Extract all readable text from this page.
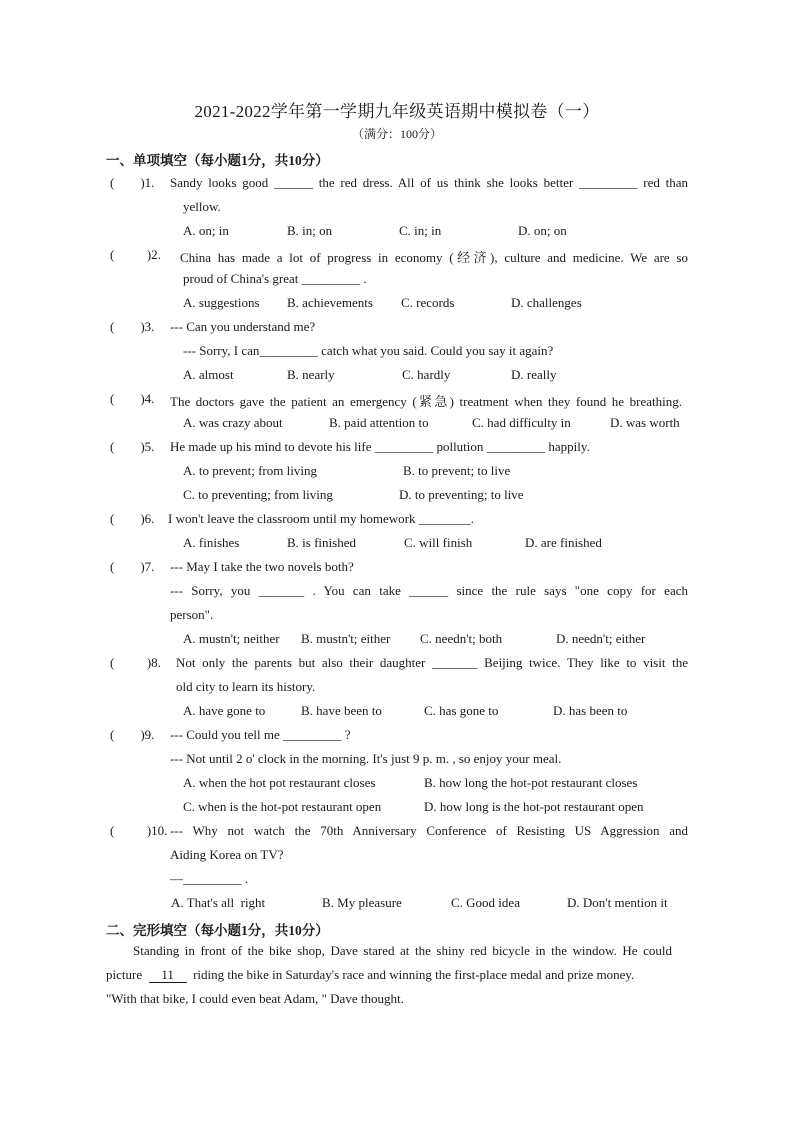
2021-2022学年第一学期九年级英语期中模拟卷（一）
（满分：100分）
一、单项填空（每小题1分，共10分）
(        )1. Sandy looks good ______ the red dress. All of us think she looks better _________ red than
yellow.
A. on; in	B. in; on	C. in; in	D. on; on
(          )2. China has made a lot of progress in economy (经济), culture and medicine. We are so
proud of China's great _________ .
A. suggestions B. achievements C. records	D. challenges
(        )3. --- Can you understand me?
--- Sorry, I can_________ catch what you said. Could you say it again?
A. almost	B. nearly	C. hardly	D. really
(        )4. The doctors gave the patient an emergency (紧急) treatment when they found he breathing.
A. was crazy about	B. paid attention to	C. had difficulty in	D. was worth
(        )5. He made up his mind to devote his life _________ pollution _________ happily.
A. to prevent; from living	B. to prevent; to live
C. to preventing; from living	D. to preventing; to live
(        )6. I won't leave the classroom until my homework ________.
A. finishes	B. is finished	C. will finish	D. are finished
(        )7. --- May I take the two novels both?
--- Sorry, you _______ . You can take ______ since the rule says "one copy for each
person".
A. mustn't; neither B. mustn't; either C. needn't; both	D. needn't; either
(          )8. Not only the parents but also their daughter _______ Beijing twice. They like to visit the
old city to learn its history.
A. have gone to	B. have been to	C. has gone to	D. has been to
(        )9. --- Could you tell me _________ ?
--- Not until 2 o' clock in the morning. It's just 9 p. m. , so enjoy your meal.
A. when the hot pot restaurant closes	B. how long the hot-pot restaurant closes
C. when is the hot-pot restaurant open	D. how long is the hot-pot restaurant open
(          )10. --- Why not watch the 70th Anniversary Conference of Resisting US Aggression and
Aiding Korea on TV?
—_________ .
A. That's all  right	B. My pleasure	C. Good idea	D. Don't mention it
二、完形填空（每小题1分，共10分）
Standing in front of the bike shop, Dave stared at the shiny red bicycle in the window. He could
picture  11  riding the bike in Saturday's race and winning the first-place medal and prize money.
"With that bike, I could even beat Adam, " Dave thought.
